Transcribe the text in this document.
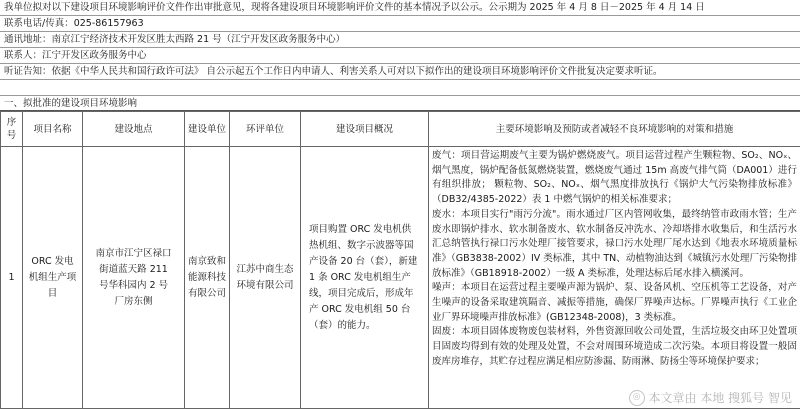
我单位拟对以下建设项目环境影响评价文件作出审批意见，现将各建设项目环境影响评价文件的基本情况予以公示。公示期为 2025 年 4 月 8 日－2025 年 4 月 14 日
联系电话/传真：025-86157963
通讯地址：南京江宁经济技术开发区胜太西路 21 号（江宁开发区政务服务中心）
联系人：江宁开发区政务服务中心
听证告知：依据《中华人民共和国行政许可法》 自公示起五个工作日内申请人、利害关系人可对以下拟作出的建设项目环境影响评价文件批复决定要求听证。
一、拟批准的建设项目环境影响
序号	项目名称	建设地点	建设单位	环评单位	建设项目概况	主要环境影响及预防或者减轻不良环境影响的对策和措施
1	ORC 发电机组生产项目	南京市江宁区禄口街道蓝天路 211 号华科园内 2 号厂房东侧	南京致和能源科技有限公司	江苏中商生态环境有限公司	项目购置 ORC 发电机供热机组、数字示波器等国产设备 20 台（套），新建 1 条 ORC 发电机组生产线，项目完成后，形成年产 ORC 发电机组 50 台（套）的能力。	废气：项目营运期废气主要为锅炉燃烧废气。项目运营过程产生颗粒物、SO₂、NOₓ、烟气黑度，锅炉配备低氮燃烧装置，燃烧废气通过 15m 高废气排气筒（DA001）进行有组织排放； 颗粒物、SO₂、NOₓ、烟气黑度排放执行《锅炉大气污染物排放标准》（DB32/4385-2022）表 1 中燃气锅炉的相关标准要求；
废水：本项目实行"雨污分流"。雨水通过厂区内管网收集，最终纳管市政雨水管；生产废水即锅炉排水、软水制备废水、软水制备反冲洗水、冷却塔排水收集后，和生活污水汇总纳管执行禄口污水处理厂接管要求，禄口污水处理厂尾水达到《地表水环境质量标准》（GB3838-2002）IV 类标准，其中 TN、动植物油达到《城镇污水处理厂污染物排放标准》（GB18918-2002）一级 A 类标准，处理达标后尾水排入横溪河。
噪声：本项目在运营过程主要噪声源为锅炉、泵、设备风机、空压机等工艺设备，对产生噪声的设备采取建筑隔音、减振等措施，确保厂界噪声达标。厂界噪声执行《工业企业厂界环境噪声排放标准》(GB12348-2008)，3 类标准。
固废：本项目固体废物废包装材料，外售资源回收公司处置，生活垃圾交由环卫处置项目固废均得到有效的处理及处置，不会对周围环境造成二次污染。本项目将设置一般固废库房堆存，其贮存过程应满足相应防渗漏、防雨淋、防扬尘等环境保护要求；
◎ 本文章由 本地 搜狐号 智见
